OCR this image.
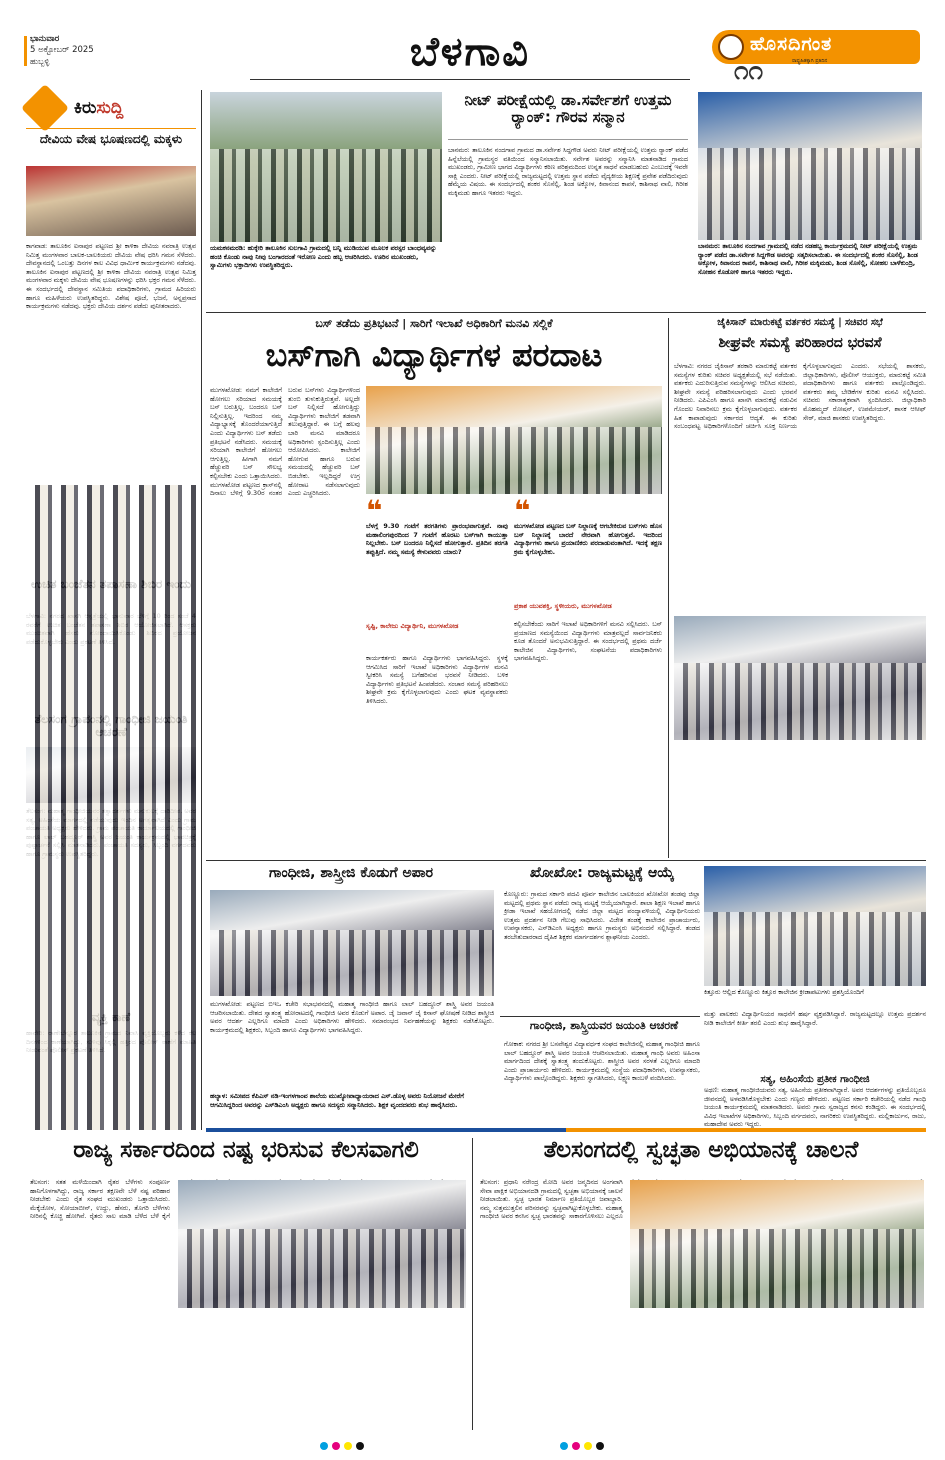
ಭಾನುವಾರ
5 ಅಕ್ಟೋಬರ್ 2025
ಹುಬ್ಬಳ್ಳಿ	ಬೆಳಗಾವಿ	ಹೊಸದಿಗಂತ
ರಾಷ್ಟ್ರಹಿತಕ್ಕಾಗಿ ಪ್ರತಿದಿನ
೧೧
ಕಿರು ಸುದ್ದಿ
ದೇವಿಯ ವೇಷ ಭೂಷಣದಲ್ಲಿ ಮಕ್ಕಳು
ಕಾಗವಾಡ: ತಾಲೂಕಿನ ಐನಾಪುರ ಪಟ್ಟಣದ ಶ್ರೀ ಕಾಳಿಕಾ ದೇವಿಯ ನವರಾತ್ರಿ ಉತ್ಸವ ನಿಮಿತ್ತ ಮಂಗಳವಾರ ಬಾಲಕ-ಬಾಲಕಿಯರು ದೇವಿಯ ವೇಷ ಧರಿಸಿ ಗಮನ ಸೆಳೆದರು. ದೇವಸ್ಥಾನದಲ್ಲಿ ಒಂಬತ್ತು ದಿನಗಳ ಕಾಲ ವಿವಿಧ ಧಾರ್ಮಿಕ ಕಾರ್ಯಕ್ರಮಗಳು ನಡೆದವು. ತಾಲೂಕಿನ ಐನಾಪುರ ಪಟ್ಟಣದಲ್ಲಿ ಶ್ರೀ ಕಾಳಿಕಾ ದೇವಿಯ ನವರಾತ್ರಿ ಉತ್ಸವ ನಿಮಿತ್ತ ಮಂಗಳವಾರ ಮಕ್ಕಳು ದೇವಿಯ ವೇಷ ಭೂಷಣಗಳನ್ನು ಧರಿಸಿ ಭಕ್ತರ ಗಮನ ಸೆಳೆದರು. ಈ ಸಂದರ್ಭದಲ್ಲಿ ದೇವಸ್ಥಾನ ಸಮಿತಿಯ ಪದಾಧಿಕಾರಿಗಳು, ಗ್ರಾಮದ ಹಿರಿಯರು ಹಾಗೂ ಮಹಿಳೆಯರು ಉಪಸ್ಥಿತರಿದ್ದರು. ವಿಶೇಷ ಪೂಜೆ, ಭಜನೆ, ಅನ್ನಪ್ರಸಾದ ಕಾರ್ಯಕ್ರಮಗಳು ನಡೆದವು. ಭಕ್ತರು ದೇವಿಯ ದರ್ಶನ ಪಡೆದು ಪುನೀತರಾದರು.
ಯಮಕನಮರಡಿ: ಹುಕ್ಕೇರಿ ತಾಲೂಕಿನ ಸುಲಗಾವಿ ಗ್ರಾಮದಲ್ಲಿ ಬನ್ನಿ ಮುಡಿಯುವ ಮೂಲಕ ಪರಸ್ಪರ ಬಾಂಧವ್ಯವನ್ನು ಹಂಚಿ ಕೊಂಡು ನಾವು ನೀವು ಬಂಗಾರದಂತೆ ಇರೋಣ ಎಂದು ಹಬ್ಬ ಆಚರಿಸಿದರು. ಊರಿನ ಮುಖಂಡರು, ಸ್ವಾಮಿಗಳು ಭಕ್ತಾದಿಗಳು ಉಪಸ್ಥಿತರಿದ್ದರು.
ನೀಟ್ ಪರೀಕ್ಷೆಯಲ್ಲಿ ಡಾ.ಸರ್ವೇಶಗೆ ಉತ್ತಮ ರ‍್ಯಾಂಕ್: ಗೌರವ ಸನ್ಮಾನ
ಬಾನಮರ: ತಾಲೂಕಿನ ನಂದಗಾವ ಗ್ರಾಮದ ಡಾ.ಸರ್ವೇಶ ಸಿದ್ದಗೌಡ ಅವರು ನೀಟ್ ಪರೀಕ್ಷೆಯಲ್ಲಿ ಉತ್ತಮ ರ‍್ಯಾಂಕ್ ಪಡೆದ ಹಿನ್ನೆಲೆಯಲ್ಲಿ ಗ್ರಾಮಸ್ಥರ ವತಿಯಿಂದ ಸನ್ಮಾನಿಸಲಾಯಿತು. ಸರ್ವೇಶ ಅವರನ್ನು ಸನ್ಮಾನಿಸಿ ಮಾತನಾಡಿದ ಗ್ರಾಮದ ಮುಖಂಡರು, ಗ್ರಾಮೀಣ ಭಾಗದ ವಿದ್ಯಾರ್ಥಿಗಳು ಕಠಿಣ ಪರಿಶ್ರಮದಿಂದ ಉನ್ನತ ಸಾಧನೆ ಮಾಡಬಹುದು ಎಂಬುದಕ್ಕೆ ಇವರೇ ಸಾಕ್ಷಿ ಎಂದರು. ನೀಟ್ ಪರೀಕ್ಷೆಯಲ್ಲಿ ರಾಜ್ಯಮಟ್ಟದಲ್ಲಿ ಉತ್ತಮ ಸ್ಥಾನ ಪಡೆದು ವೈದ್ಯಕೀಯ ಶಿಕ್ಷಣಕ್ಕೆ ಪ್ರವೇಶ ಪಡೆದಿರುವುದು ಹೆಮ್ಮೆಯ ವಿಷಯ. ಈ ಸಂದರ್ಭದಲ್ಲಿ ಶಂಕರ ಸೊಸೆಲ್ಲಿ, ಶಿಂಡ ಅಕ್ಕೋಳ, ಕಿವಾನಂದ ಕಾಪಸೆ, ಕಾಶಿನಾಥ ವಾಲಿ, ಗಿರೀಶ ಮಕ್ಕಿಮಡು ಹಾಗೂ ಇತರರು ಇದ್ದರು.
ಬಾನಮರ: ತಾಲೂಕಿನ ನಂದಗಾವ ಗ್ರಾಮದಲ್ಲಿ ನಡೆದ ನಡಹಬ್ಬ ಕಾರ್ಯಕ್ರಮದಲ್ಲಿ ನೀಟ್ ಪರೀಕ್ಷೆಯಲ್ಲಿ ಉತ್ತಮ ರ‍್ಯಾಂಕ್ ಪಡೆದ ಡಾ.ಸರ್ವೇಶ ಸಿದ್ದಗೌಡ ಅವರನ್ನು ಸತ್ಕರಿಸಲಾಯಿತು. ಈ ಸಂದರ್ಭದಲ್ಲಿ ಶಂಕರ ಸೊಸೆಲ್ಲಿ, ಶಿಂಡ ಅಕ್ಕೋಳ, ಕಿವಾನಂದ ಕಾಪಸೆ, ಕಾಶಿನಾಥ ವಾಲಿ, ಗಿರೀಶ ಮಕ್ಕಿಮಡು, ಶಿಂಡ ಸೊಸೆಲ್ಲಿ, ಸೋಹಲ ಬಾಳೆಕುಂದ್ರಿ, ಸೋಹನ ಕೊಡೋಳಿ ಹಾಗೂ ಇತರರು ಇದ್ದರು.
ಬಸ್ ತಡೆದು ಪ್ರತಿಭಟನೆ | ಸಾರಿಗೆ ಇಲಾಖೆ ಅಧಿಕಾರಿಗೆ ಮನವಿ ಸಲ್ಲಿಕೆ
ಬಸ್‌ಗಾಗಿ ವಿದ್ಯಾರ್ಥಿಗಳ ಪರದಾಟ
ಮುಗಳಖೋಡ: ನಮಗೆ ಕಾಲೇಜಿಗೆ ಹೋಗಲು ಸರಿಯಾದ ಸಮಯಕ್ಕೆ ಬಸ್ ಬರುತ್ತಿಲ್ಲ. ಬಂದರೂ ಬಸ್ ನಿಲ್ಲಿಸುತ್ತಿಲ್ಲ. ಇದರಿಂದ ನಮ್ಮ ವಿದ್ಯಾಭ್ಯಾಸಕ್ಕೆ ತೊಂದರೆಯಾಗುತ್ತಿದೆ ಎಂದು ವಿದ್ಯಾರ್ಥಿಗಳು ಬಸ್ ತಡೆದು ಪ್ರತಿಭಟನೆ ನಡೆಸಿದರು. ಸಮಯಕ್ಕೆ ಸರಿಯಾಗಿ ಕಾಲೇಜಿಗೆ ಹೋಗಲು ಆಗುತ್ತಿಲ್ಲ. ಹೀಗಾಗಿ ನಮಗೆ ಹೆಚ್ಚುವರಿ ಬಸ್ ಸೌಲಭ್ಯ ಕಲ್ಪಿಸಬೇಕು ಎಂದು ಒತ್ತಾಯಿಸಿದರು. ಮುಗಳಖೋಡ ಪಟ್ಟಣದ ಕ್ರಾಸ್‌ನಲ್ಲಿ ದಿನಾಲು ಬೆಳಿಗ್ಗೆ 9.30ರ ನಂತರ ಬರುವ ಬಸ್‌ಗಳು ವಿದ್ಯಾರ್ಥಿಗಳಿಂದ ತುಂಬಿ ತುಳುಕುತ್ತಿರುತ್ತವೆ. ಅಲ್ಲದೇ ಬಸ್ ನಿಲ್ಲಿಸದೆ ಹೋಗುತ್ತಿದ್ದು ವಿದ್ಯಾರ್ಥಿಗಳು ಕಾಲೇಜಿಗೆ ತಡವಾಗಿ ತಲುಪುತ್ತಿದ್ದಾರೆ. ಈ ಬಗ್ಗೆ ಹಲವು ಬಾರಿ ಮನವಿ ಮಾಡಿದರೂ ಅಧಿಕಾರಿಗಳು ಸ್ಪಂದಿಸುತ್ತಿಲ್ಲ ಎಂದು ಆರೋಪಿಸಿದರು. ಕಾಲೇಜಿಗೆ ಹೋಗುವ ಹಾಗೂ ಬರುವ ಸಮಯದಲ್ಲಿ ಹೆಚ್ಚುವರಿ ಬಸ್ ಬಿಡಬೇಕು. ಇಲ್ಲದಿದ್ದರೆ ಉಗ್ರ ಹೋರಾಟ ನಡೆಸಲಾಗುವುದು ಎಂದು ಎಚ್ಚರಿಸಿದರು.
❝
ಬೆಳಗ್ಗೆ 9.30 ಗಂಟೆಗೆ ತರಗತಿಗಳು ಪ್ರಾರಂಭವಾಗುತ್ತವೆ. ನಾವು ಮಹಾಲಿಂಗಪುರದಿಂದ 7 ಗಂಟೆಗೆ ಹೊರಟು ಬಸ್‌ಗಾಗಿ ಕಾಯುತ್ತಾ ನಿಲ್ಲಬೇಕು. ಬಸ್ ಬಂದರೂ ನಿಲ್ಲಿಸದೆ ಹೋಗುತ್ತಾರೆ. ಪ್ರತಿದಿನ ತರಗತಿ ತಪ್ಪುತ್ತಿದೆ. ನಮ್ಮ ಸಮಸ್ಯೆ ಕೇಳುವವರು ಯಾರು?
ಸೃಷ್ಟಿ, ಕಾಲೇಜು ವಿದ್ಯಾರ್ಥಿನಿ, ಮುಗಳಖೋಡ
❝
ಮುಗಳಖೋಡ ಪಟ್ಟಣದ ಬಸ್ ನಿಲ್ದಾಣಕ್ಕೆ ಆಗಬೇಕಿರುವ ಬಸ್‌ಗಳು ಹೊಸ ಬಸ್ ನಿಲ್ದಾಣಕ್ಕೆ ಬಾರದೆ ನೇರವಾಗಿ ಹೋಗುತ್ತವೆ. ಇದರಿಂದ ವಿದ್ಯಾರ್ಥಿಗಳು ಹಾಗೂ ಪ್ರಯಾಣಿಕರು ಪರದಾಡುವಂತಾಗಿದೆ. ಇದಕ್ಕೆ ತಕ್ಷಣ ಕ್ರಮ ಕೈಗೊಳ್ಳಬೇಕು.
ಪ್ರಕಾಶ ಯುವಶಕ್ತಿ, ಸ್ಥಳೀಯರು, ಮುಗಳಖೋಡ
ಕಾರ್ಯಕರ್ತರು ಹಾಗೂ ವಿದ್ಯಾರ್ಥಿಗಳು ಭಾಗವಹಿಸಿದ್ದರು. ಸ್ಥಳಕ್ಕೆ ಆಗಮಿಸಿದ ಸಾರಿಗೆ ಇಲಾಖೆ ಅಧಿಕಾರಿಗಳು ವಿದ್ಯಾರ್ಥಿಗಳ ಮನವಿ ಸ್ವೀಕರಿಸಿ ಸಮಸ್ಯೆ ಬಗೆಹರಿಸುವ ಭರವಸೆ ನೀಡಿದರು. ಬಳಿಕ ವಿದ್ಯಾರ್ಥಿಗಳು ಪ್ರತಿಭಟನೆ ಹಿಂಪಡೆದರು. ಸಂಚಾರ ಸಮಸ್ಯೆ ಪರಿಹರಿಸಲು ಶೀಘ್ರವೇ ಕ್ರಮ ಕೈಗೊಳ್ಳಲಾಗುವುದು ಎಂದು ಘಟಕ ವ್ಯವಸ್ಥಾಪಕರು ತಿಳಿಸಿದರು.
ಕಲ್ಪಿಸಬೇಕೆಂದು ಸಾರಿಗೆ ಇಲಾಖೆ ಅಧಿಕಾರಿಗಳಿಗೆ ಮನವಿ ಸಲ್ಲಿಸಿದರು. ಬಸ್ ಪ್ರಯಾಣದ ಸಮಸ್ಯೆಯಿಂದ ವಿದ್ಯಾರ್ಥಿಗಳು ಮಾತ್ರವಲ್ಲದೆ ಸಾರ್ವಜನಿಕರು ಕೂಡ ತೊಂದರೆ ಅನುಭವಿಸುತ್ತಿದ್ದಾರೆ. ಈ ಸಂದರ್ಭದಲ್ಲಿ ಪ್ರಥಮ ದರ್ಜೆ ಕಾಲೇಜಿನ ವಿದ್ಯಾರ್ಥಿಗಳು, ಸಂಘಟನೆಯ ಪದಾಧಿಕಾರಿಗಳು ಭಾಗವಹಿಸಿದ್ದರು.
ಜೈಕಿಸಾನ್ ಮಾರುಕಟ್ಟೆ ವರ್ತಕರ ಸಮಸ್ಯೆ | ಸಚಿವರ ಸಭೆ
ಶೀಘ್ರವೇ ಸಮಸ್ಯೆ ಪರಿಹಾರದ ಭರವಸೆ
ಬೆಳಗಾವಿ: ನಗರದ ಜೈಕಿಸಾನ್ ತರಕಾರಿ ಮಾರುಕಟ್ಟೆ ವರ್ತಕರ ಸಮಸ್ಯೆಗಳ ಕುರಿತು ಸಚಿವರ ಅಧ್ಯಕ್ಷತೆಯಲ್ಲಿ ಸಭೆ ನಡೆಯಿತು. ವರ್ತಕರು ಎದುರಿಸುತ್ತಿರುವ ಸಮಸ್ಯೆಗಳನ್ನು ಆಲಿಸಿದ ಸಚಿವರು, ಶೀಘ್ರವೇ ಸಮಸ್ಯೆ ಪರಿಹರಿಸಲಾಗುವುದು ಎಂದು ಭರವಸೆ ನೀಡಿದರು. ಎಪಿಎಂಸಿ ಹಾಗೂ ಖಾಸಗಿ ಮಾರುಕಟ್ಟೆ ನಡುವಿನ ಗೊಂದಲ ನಿವಾರಿಸಲು ಕ್ರಮ ಕೈಗೊಳ್ಳಲಾಗುವುದು. ವರ್ತಕರ ಹಿತ ಕಾಪಾಡುವುದು ಸರ್ಕಾರದ ಆದ್ಯತೆ. ಈ ಕುರಿತು ಸಂಬಂಧಪಟ್ಟ ಅಧಿಕಾರಿಗಳೊಂದಿಗೆ ಚರ್ಚಿಸಿ ಸೂಕ್ತ ನಿರ್ಣಯ ಕೈಗೊಳ್ಳಲಾಗುವುದು ಎಂದರು. ಸಭೆಯಲ್ಲಿ ಶಾಸಕರು, ಜಿಲ್ಲಾಧಿಕಾರಿಗಳು, ಪೊಲೀಸ್ ಆಯುಕ್ತರು, ಮಾರುಕಟ್ಟೆ ಸಮಿತಿ ಪದಾಧಿಕಾರಿಗಳು ಹಾಗೂ ವರ್ತಕರು ಪಾಲ್ಗೊಂಡಿದ್ದರು. ವರ್ತಕರು ತಮ್ಮ ಬೇಡಿಕೆಗಳ ಕುರಿತು ಮನವಿ ಸಲ್ಲಿಸಿದರು. ಸಚಿವರು ಸಕಾರಾತ್ಮಕವಾಗಿ ಸ್ಪಂದಿಸಿದರು. ಜಿಲ್ಲಾಧಿಕಾರಿ ಮೊಹಮ್ಮದ್ ರೋಷನ್, ಉಪಮೇಯರ್, ಶಾಸಕ ಆಸೀಫ್ ಸೇಠ್, ಮಾಜಿ ಶಾಸಕರು ಉಪಸ್ಥಿತರಿದ್ದರು.
ಗಾಂಧೀಜಿ, ಶಾಸ್ತ್ರೀಜಿ ಕೊಡುಗೆ ಅಪಾರ
ಮುಗಳಖೋಡ: ಪಟ್ಟಣದ ಬಿಇಒ ಕಚೇರಿ ಸಭಾಭವನದಲ್ಲಿ ಮಹಾತ್ಮ ಗಾಂಧೀಜಿ ಹಾಗೂ ಲಾಲ್ ಬಹದ್ದೂರ್ ಶಾಸ್ತ್ರಿ ಅವರ ಜಯಂತಿ ಆಚರಿಸಲಾಯಿತು. ದೇಶದ ಸ್ವಾತಂತ್ರ್ಯ ಹೋರಾಟದಲ್ಲಿ ಗಾಂಧೀಜಿ ಅವರ ಕೊಡುಗೆ ಅಪಾರ. ಜೈ ಜವಾನ್ ಜೈ ಕಿಸಾನ್ ಘೋಷಣೆ ನೀಡಿದ ಶಾಸ್ತ್ರೀಜಿ ಅವರ ಆದರ್ಶ ಎಲ್ಲರಿಗೂ ಮಾದರಿ ಎಂದು ಅಧಿಕಾರಿಗಳು ಹೇಳಿದರು. ಸಮಾರಂಭದ ನಿರ್ವಹಣೆಯನ್ನು ಶಿಕ್ಷಕರು ನಡೆಸಿಕೊಟ್ಟರು. ಕಾರ್ಯಕ್ರಮದಲ್ಲಿ ಶಿಕ್ಷಕರು, ಸಿಬ್ಬಂದಿ ಹಾಗೂ ವಿದ್ಯಾರ್ಥಿಗಳು ಭಾಗವಹಿಸಿದ್ದರು.
ಖೋಖೋ: ರಾಜ್ಯಮಟ್ಟಕ್ಕೆ ಆಯ್ಕೆ
ಕೊಣ್ಣೂರು: ಗ್ರಾಮದ ಸರ್ಕಾರಿ ಪದವಿ ಪೂರ್ವ ಕಾಲೇಜಿನ ಬಾಲಕಿಯರ ಖೋಖೋ ತಂಡವು ಜಿಲ್ಲಾ ಮಟ್ಟದಲ್ಲಿ ಪ್ರಥಮ ಸ್ಥಾನ ಪಡೆದು ರಾಜ್ಯ ಮಟ್ಟಕ್ಕೆ ಆಯ್ಕೆಯಾಗಿದ್ದಾರೆ. ಶಾಲಾ ಶಿಕ್ಷಣ ಇಲಾಖೆ ಹಾಗೂ ಕ್ರೀಡಾ ಇಲಾಖೆ ಸಹಯೋಗದಲ್ಲಿ ನಡೆದ ಜಿಲ್ಲಾ ಮಟ್ಟದ ಪಂದ್ಯಾವಳಿಯಲ್ಲಿ ವಿದ್ಯಾರ್ಥಿನಿಯರು ಉತ್ತಮ ಪ್ರದರ್ಶನ ನೀಡಿ ಗೆಲುವು ಸಾಧಿಸಿದರು. ವಿಜೇತ ತಂಡಕ್ಕೆ ಕಾಲೇಜಿನ ಪ್ರಾಚಾರ್ಯರು, ಉಪನ್ಯಾಸಕರು, ಎಸ್‌ಡಿಎಂಸಿ ಅಧ್ಯಕ್ಷರು ಹಾಗೂ ಗ್ರಾಮಸ್ಥರು ಅಭಿನಂದನೆ ಸಲ್ಲಿಸಿದ್ದಾರೆ. ತಂಡದ ತರಬೇತುದಾರರಾದ ದೈಹಿಕ ಶಿಕ್ಷಕರ ಮಾರ್ಗದರ್ಶನ ಶ್ಲಾಘನೀಯ ಎಂದರು.
ಕಿತ್ತೂರು ಆಲ್ಲಿದ ಕೊಣ್ಣೂರು ಕಿತ್ತೂರ ಕಾಲೇಜಿನ ಕ್ರೀಡಾಪಟುಗಳು ಪ್ರಶಸ್ತಿಯೊಂದಿಗೆ
ಮತ್ತು ಪಾಲಕರು ವಿದ್ಯಾರ್ಥಿನಿಯರ ಸಾಧನೆಗೆ ಹರ್ಷ ವ್ಯಕ್ತಪಡಿಸಿದ್ದಾರೆ. ರಾಜ್ಯಮಟ್ಟದಲ್ಲೂ ಉತ್ತಮ ಪ್ರದರ್ಶನ ನೀಡಿ ಕಾಲೇಜಿಗೆ ಕೀರ್ತಿ ತರಲಿ ಎಂದು ಶುಭ ಹಾರೈಸಿದ್ದಾರೆ.
ಗಾಂಧೀಜಿ, ಶಾಸ್ತ್ರಿಯವರ ಜಯಂತಿ ಆಚರಣೆ
ಗೋಕಾಕ: ನಗರದ ಶ್ರೀ ಬಸವೇಶ್ವರ ವಿದ್ಯಾವರ್ಧಕ ಸಂಘದ ಕಾಲೇಜಿನಲ್ಲಿ ಮಹಾತ್ಮ ಗಾಂಧೀಜಿ ಹಾಗೂ ಲಾಲ್ ಬಹದ್ದೂರ್ ಶಾಸ್ತ್ರಿ ಅವರ ಜಯಂತಿ ಆಚರಿಸಲಾಯಿತು. ಮಹಾತ್ಮ ಗಾಂಧಿ ಅವರು ಅಹಿಂಸಾ ಮಾರ್ಗದಿಂದ ದೇಶಕ್ಕೆ ಸ್ವಾತಂತ್ರ್ಯ ತಂದುಕೊಟ್ಟರು. ಶಾಸ್ತ್ರೀಜಿ ಅವರ ಸರಳತೆ ಎಲ್ಲರಿಗೂ ಮಾದರಿ ಎಂದು ಪ್ರಾಚಾರ್ಯರು ಹೇಳಿದರು. ಕಾರ್ಯಕ್ರಮದಲ್ಲಿ ಸಂಸ್ಥೆಯ ಪದಾಧಿಕಾರಿಗಳು, ಉಪನ್ಯಾಸಕರು, ವಿದ್ಯಾರ್ಥಿಗಳು ಪಾಲ್ಗೊಂಡಿದ್ದರು. ಶಿಕ್ಷಕರು ಸ್ವಾಗತಿಸಿದರು, ಲಕ್ಷ್ಮಣ ಕಾಂಬಳೆ ವಂದಿಸಿದರು.
ರಾಜ್ಯ ಸರ್ಕಾರದಿಂದ ನಷ್ಟ ಭರಿಸುವ ಕೆಲಸವಾಗಲಿ
ತೆಲಸಂಗ: ಸತತ ಮಳೆಯಿಂದಾಗಿ ರೈತರ ಬೆಳೆಗಳು ಸಂಪೂರ್ಣ ಹಾನಿಗೊಳಗಾಗಿದ್ದು, ರಾಜ್ಯ ಸರ್ಕಾರ ತಕ್ಷಣವೇ ಬೆಳೆ ನಷ್ಟ ಪರಿಹಾರ ನೀಡಬೇಕು ಎಂದು ರೈತ ಸಂಘದ ಮುಖಂಡರು ಒತ್ತಾಯಿಸಿದರು. ಮೆಕ್ಕೆಜೋಳ, ಸೋಯಾಬೀನ್, ಉದ್ದು, ಹೆಸರು, ತೊಗರಿ ಬೆಳೆಗಳು ನೀರಿನಲ್ಲಿ ಕೊಚ್ಚಿ ಹೋಗಿವೆ. ರೈತರು ಸಾಲ ಮಾಡಿ ಬೆಳೆದ ಬೆಳೆ ಕೈಗೆ
ತೆಲಸಂಗದಲ್ಲಿ ಸ್ವಚ್ಛತಾ ಅಭಿಯಾನಕ್ಕೆ ಚಾಲನೆ
ತೆಲಸಂಗ: ಪ್ರಧಾನಿ ನರೇಂದ್ರ ಮೋದಿ ಅವರ ಜನ್ಮದಿನದ ಅಂಗವಾಗಿ ಸೇವಾ ಪಾಕ್ಷಿಕ ಅಭಿಯಾನದಡಿ ಗ್ರಾಮದಲ್ಲಿ ಸ್ವಚ್ಛತಾ ಅಭಿಯಾನಕ್ಕೆ ಚಾಲನೆ ನೀಡಲಾಯಿತು. ಸ್ವಚ್ಛ ಭಾರತ ನಿರ್ಮಾಣ ಪ್ರತಿಯೊಬ್ಬರ ಜವಾಬ್ದಾರಿ. ನಮ್ಮ ಸುತ್ತಮುತ್ತಲಿನ ಪರಿಸರವನ್ನು ಸ್ವಚ್ಛವಾಗಿಟ್ಟುಕೊಳ್ಳಬೇಕು. ಮಹಾತ್ಮ ಗಾಂಧೀಜಿ ಅವರ ಕನಸಿನ ಸ್ವಚ್ಛ ಭಾರತವನ್ನು ಸಾಕಾರಗೊಳಿಸಲು ಎಲ್ಲರೂ
ಸತ್ಯ, ಅಹಿಂಸೆಯ ಪ್ರತೀಕ ಗಾಂಧೀಜಿ
ಅಥಣಿ: ಮಹಾತ್ಮ ಗಾಂಧೀಜಿಯವರು ಸತ್ಯ, ಅಹಿಂಸೆಯ ಪ್ರತೀಕವಾಗಿದ್ದಾರೆ. ಅವರ ಆದರ್ಶಗಳನ್ನು ಪ್ರತಿಯೊಬ್ಬರೂ ಜೀವನದಲ್ಲಿ ಅಳವಡಿಸಿಕೊಳ್ಳಬೇಕು ಎಂದು ಗಣ್ಯರು ಹೇಳಿದರು. ಪಟ್ಟಣದ ಸರ್ಕಾರಿ ಕಚೇರಿಯಲ್ಲಿ ನಡೆದ ಗಾಂಧಿ ಜಯಂತಿ ಕಾರ್ಯಕ್ರಮದಲ್ಲಿ ಮಾತನಾಡಿದರು. ಅವರು ಗ್ರಾಮ ಸ್ವರಾಜ್ಯದ ಕನಸು ಕಂಡಿದ್ದರು. ಈ ಸಂದರ್ಭದಲ್ಲಿ ವಿವಿಧ ಇಲಾಖೆಗಳ ಅಧಿಕಾರಿಗಳು, ಸಿಬ್ಬಂದಿ ವರ್ಗದವರು, ನಾಗರಿಕರು ಉಪಸ್ಥಿತರಿದ್ದರು. ಮಲ್ಲಿಕಾರ್ಜುನ, ರಾಜು, ಮಹಾದೇವ ಅವರು ಇದ್ದರು.
ಹಲ್ಯಾಳ: ಸಮೀಪದ ಕೆಪಿಎಸ್ ನಡಿ-ಇಂಗಳಗಾಂವ ಶಾಲೆಯ ಮುಖ್ಯೋಪಾಧ್ಯಾಯರಾದ ಎಸ್.ಡೊಳ್ಳ ಅವರು ನಿಯೋಜನೆ ಮೇರೆಗೆ ಆಗಮಿಸಿದ್ದರಿಂದ ಅವರನ್ನು ಎಸ್‌ಡಿಎಂಸಿ ಅಧ್ಯಕ್ಷರು ಹಾಗೂ ಸದಸ್ಯರು ಸನ್ಮಾನಿಸಿದರು. ಶಿಕ್ಷಕ ವೃಂದದವರು ಶುಭ ಹಾರೈಸಿದರು.
